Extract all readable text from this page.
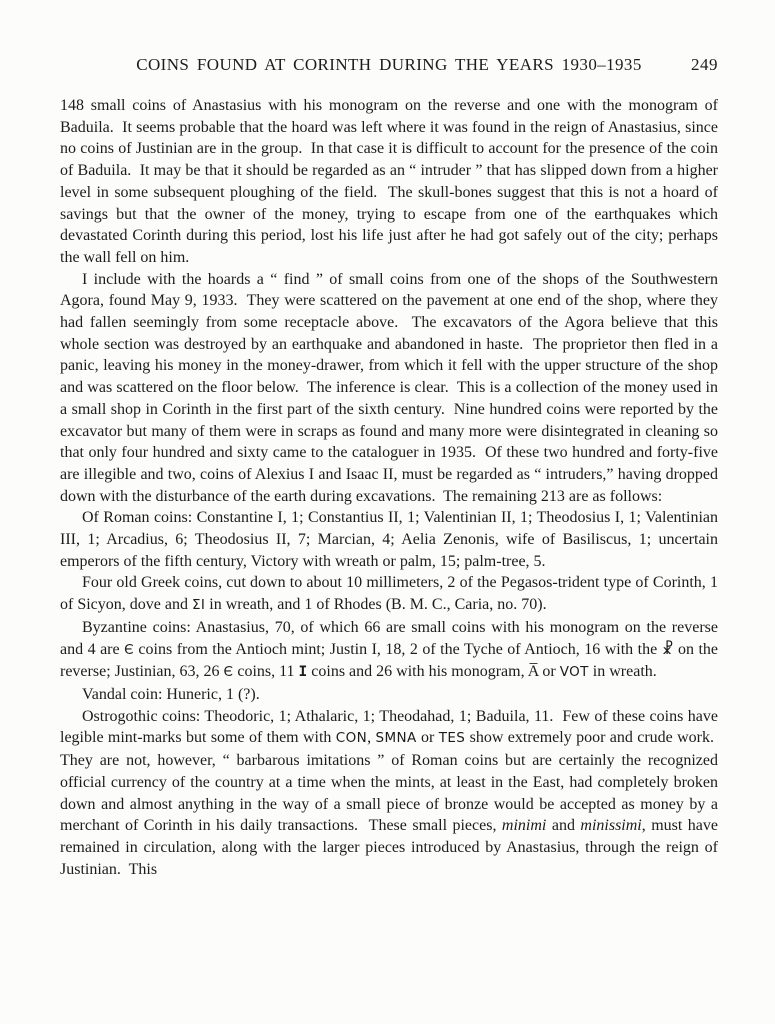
COINS FOUND AT CORINTH DURING THE YEARS 1930–1935	249

148 small coins of Anastasius with his monogram on the reverse and one with the monogram of Baduila.  It seems probable that the hoard was left where it was found in the reign of Anastasius, since no coins of Justinian are in the group.  In that case it is difficult to account for the presence of the coin of Baduila.  It may be that it should be regarded as an “ intruder ” that has slipped down from a higher level in some subsequent ploughing of the field.  The skull-bones suggest that this is not a hoard of savings but that the owner of the money, trying to escape from one of the earthquakes which devastated Corinth during this period, lost his life just after he had got safely out of the city; perhaps the wall fell on him.

I include with the hoards a “ find ” of small coins from one of the shops of the Southwestern Agora, found May 9, 1933.  They were scattered on the pavement at one end of the shop, where they had fallen seemingly from some receptacle above.  The excavators of the Agora believe that this whole section was destroyed by an earthquake and abandoned in haste.  The proprietor then fled in a panic, leaving his money in the money-drawer, from which it fell with the upper structure of the shop and was scattered on the floor below.  The inference is clear.  This is a collection of the money used in a small shop in Corinth in the first part of the sixth century.  Nine hundred coins were reported by the excavator but many of them were in scraps as found and many more were disintegrated in cleaning so that only four hundred and sixty came to the cataloguer in 1935.  Of these two hundred and forty-five are illegible and two, coins of Alexius I and Isaac II, must be regarded as “ intruders,” having dropped down with the disturbance of the earth during excavations.  The remaining 213 are as follows:

Of Roman coins: Constantine I, 1; Constantius II, 1; Valentinian II, 1; Theodosius I, 1; Valentinian III, 1; Arcadius, 6; Theodosius II, 7; Marcian, 4; Aelia Zenonis, wife of Basiliscus, 1; uncertain emperors of the fifth century, Victory with wreath or palm, 15; palm-tree, 5.

Four old Greek coins, cut down to about 10 millimeters, 2 of the Pegasos-trident type of Corinth, 1 of Sicyon, dove and ΣΙ in wreath, and 1 of Rhodes (B. M. C., Caria, no. 70).

Byzantine coins: Anastasius, 70, of which 66 are small coins with his monogram on the reverse and 4 are Є coins from the Antioch mint; Justin I, 18, 2 of the Tyche of Antioch, 16 with the ☧ on the reverse; Justinian, 63, 26 Є coins, 11 I coins and 26 with his monogram, A̅ or VOT in wreath.

Vandal coin: Huneric, 1 (?).

Ostrogothic coins: Theodoric, 1; Athalaric, 1; Theodahad, 1; Baduila, 11.  Few of these coins have legible mint-marks but some of them with CON, SMNA or TES show extremely poor and crude work.  They are not, however, “ barbarous imitations ” of Roman coins but are certainly the recognized official currency of the country at a time when the mints, at least in the East, had completely broken down and almost anything in the way of a small piece of bronze would be accepted as money by a merchant of Corinth in his daily transactions.  These small pieces, minimi and minissimi, must have remained in circulation, along with the larger pieces introduced by Anastasius, through the reign of Justinian.  This
